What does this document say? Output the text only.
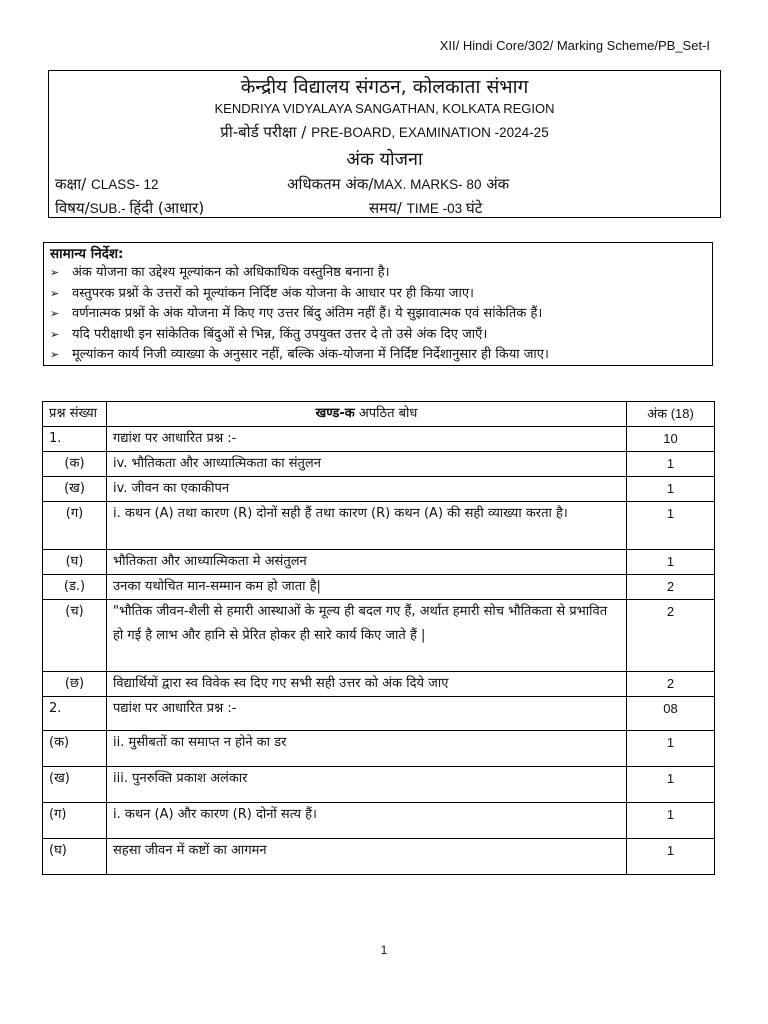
XII/ Hindi Core/302/ Marking Scheme/PB_Set-I
केन्द्रीय विद्यालय संगठन, कोलकाता संभाग
KENDRIYA VIDYALAYA SANGATHAN, KOLKATA REGION
प्री-बोर्ड परीक्षा / PRE-BOARD, EXAMINATION -2024-25
अंक योजना
कक्षा/ CLASS- 12	अधिकतम अंक/MAX. MARKS- 80 अंक
विषय/SUB.- हिंदी (आधार)	समय/ TIME -03 घंटे
सामान्य निर्देश:
➢ अंक योजना का उद्देश्य मूल्यांकन को अधिकाधिक वस्तुनिष्ठ बनाना है।
➢ वस्तुपरक प्रश्नों के उत्तरों को मूल्यांकन निर्दिष्ट अंक योजना के आधार पर ही किया जाए।
➢ वर्णनात्मक प्रश्नों के अंक योजना में किए गए उत्तर बिंदु अंतिम नहीं हैं। ये सुझावात्मक एवं सांकेतिक हैं।
➢ यदि परीक्षाथी इन सांकेतिक बिंदुओं से भिन्न, किंतु उपयुक्त उत्तर दे तो उसे अंक दिए जाएँ।
➢ मूल्यांकन कार्य निजी व्याख्या के अनुसार नहीं, बल्कि अंक-योजना में निर्दिष्ट निर्देशानुसार ही किया जाए।
प्रश्न संख्या	खण्ड-क अपठित बोध	अंक (18)
1.	गद्यांश पर आधारित प्रश्न :-	10
(क)	iv. भौतिकता और आध्यात्मिकता का संतुलन	1
(ख)	iv. जीवन का एकाकीपन	1
(ग)	i. कथन (A) तथा कारण (R) दोनों सही हैं तथा कारण (R) कथन (A) की सही व्याख्या करता है।	1
(घ)	भौतिकता और आध्यात्मिकता मे असंतुलन	1
(ड.)	उनका यथोचित मान-सम्मान कम हो जाता है|	2
(च)	"भौतिक जीवन-शैली से हमारी आस्थाओं के मूल्य ही बदल गए हैं, अर्थात हमारी सोच भौतिकता से प्रभावित हो गई है लाभ और हानि से प्रेरित होकर ही सारे कार्य किए जाते हैं |	2
(छ)	विद्यार्थियों द्वारा स्व विवेक स्व दिए गए सभी सही उत्तर को अंक दिये जाए	2
2.	पद्यांश पर आधारित प्रश्न :-	08
(क)	ii. मुसीबतों का समाप्त न होने का डर	1
(ख)	iii. पुनरुक्ति प्रकाश अलंकार	1
(ग)	i. कथन (A) और कारण (R) दोनों सत्य हैं।	1
(घ)	सहसा जीवन में कष्टों का आगमन	1
1
